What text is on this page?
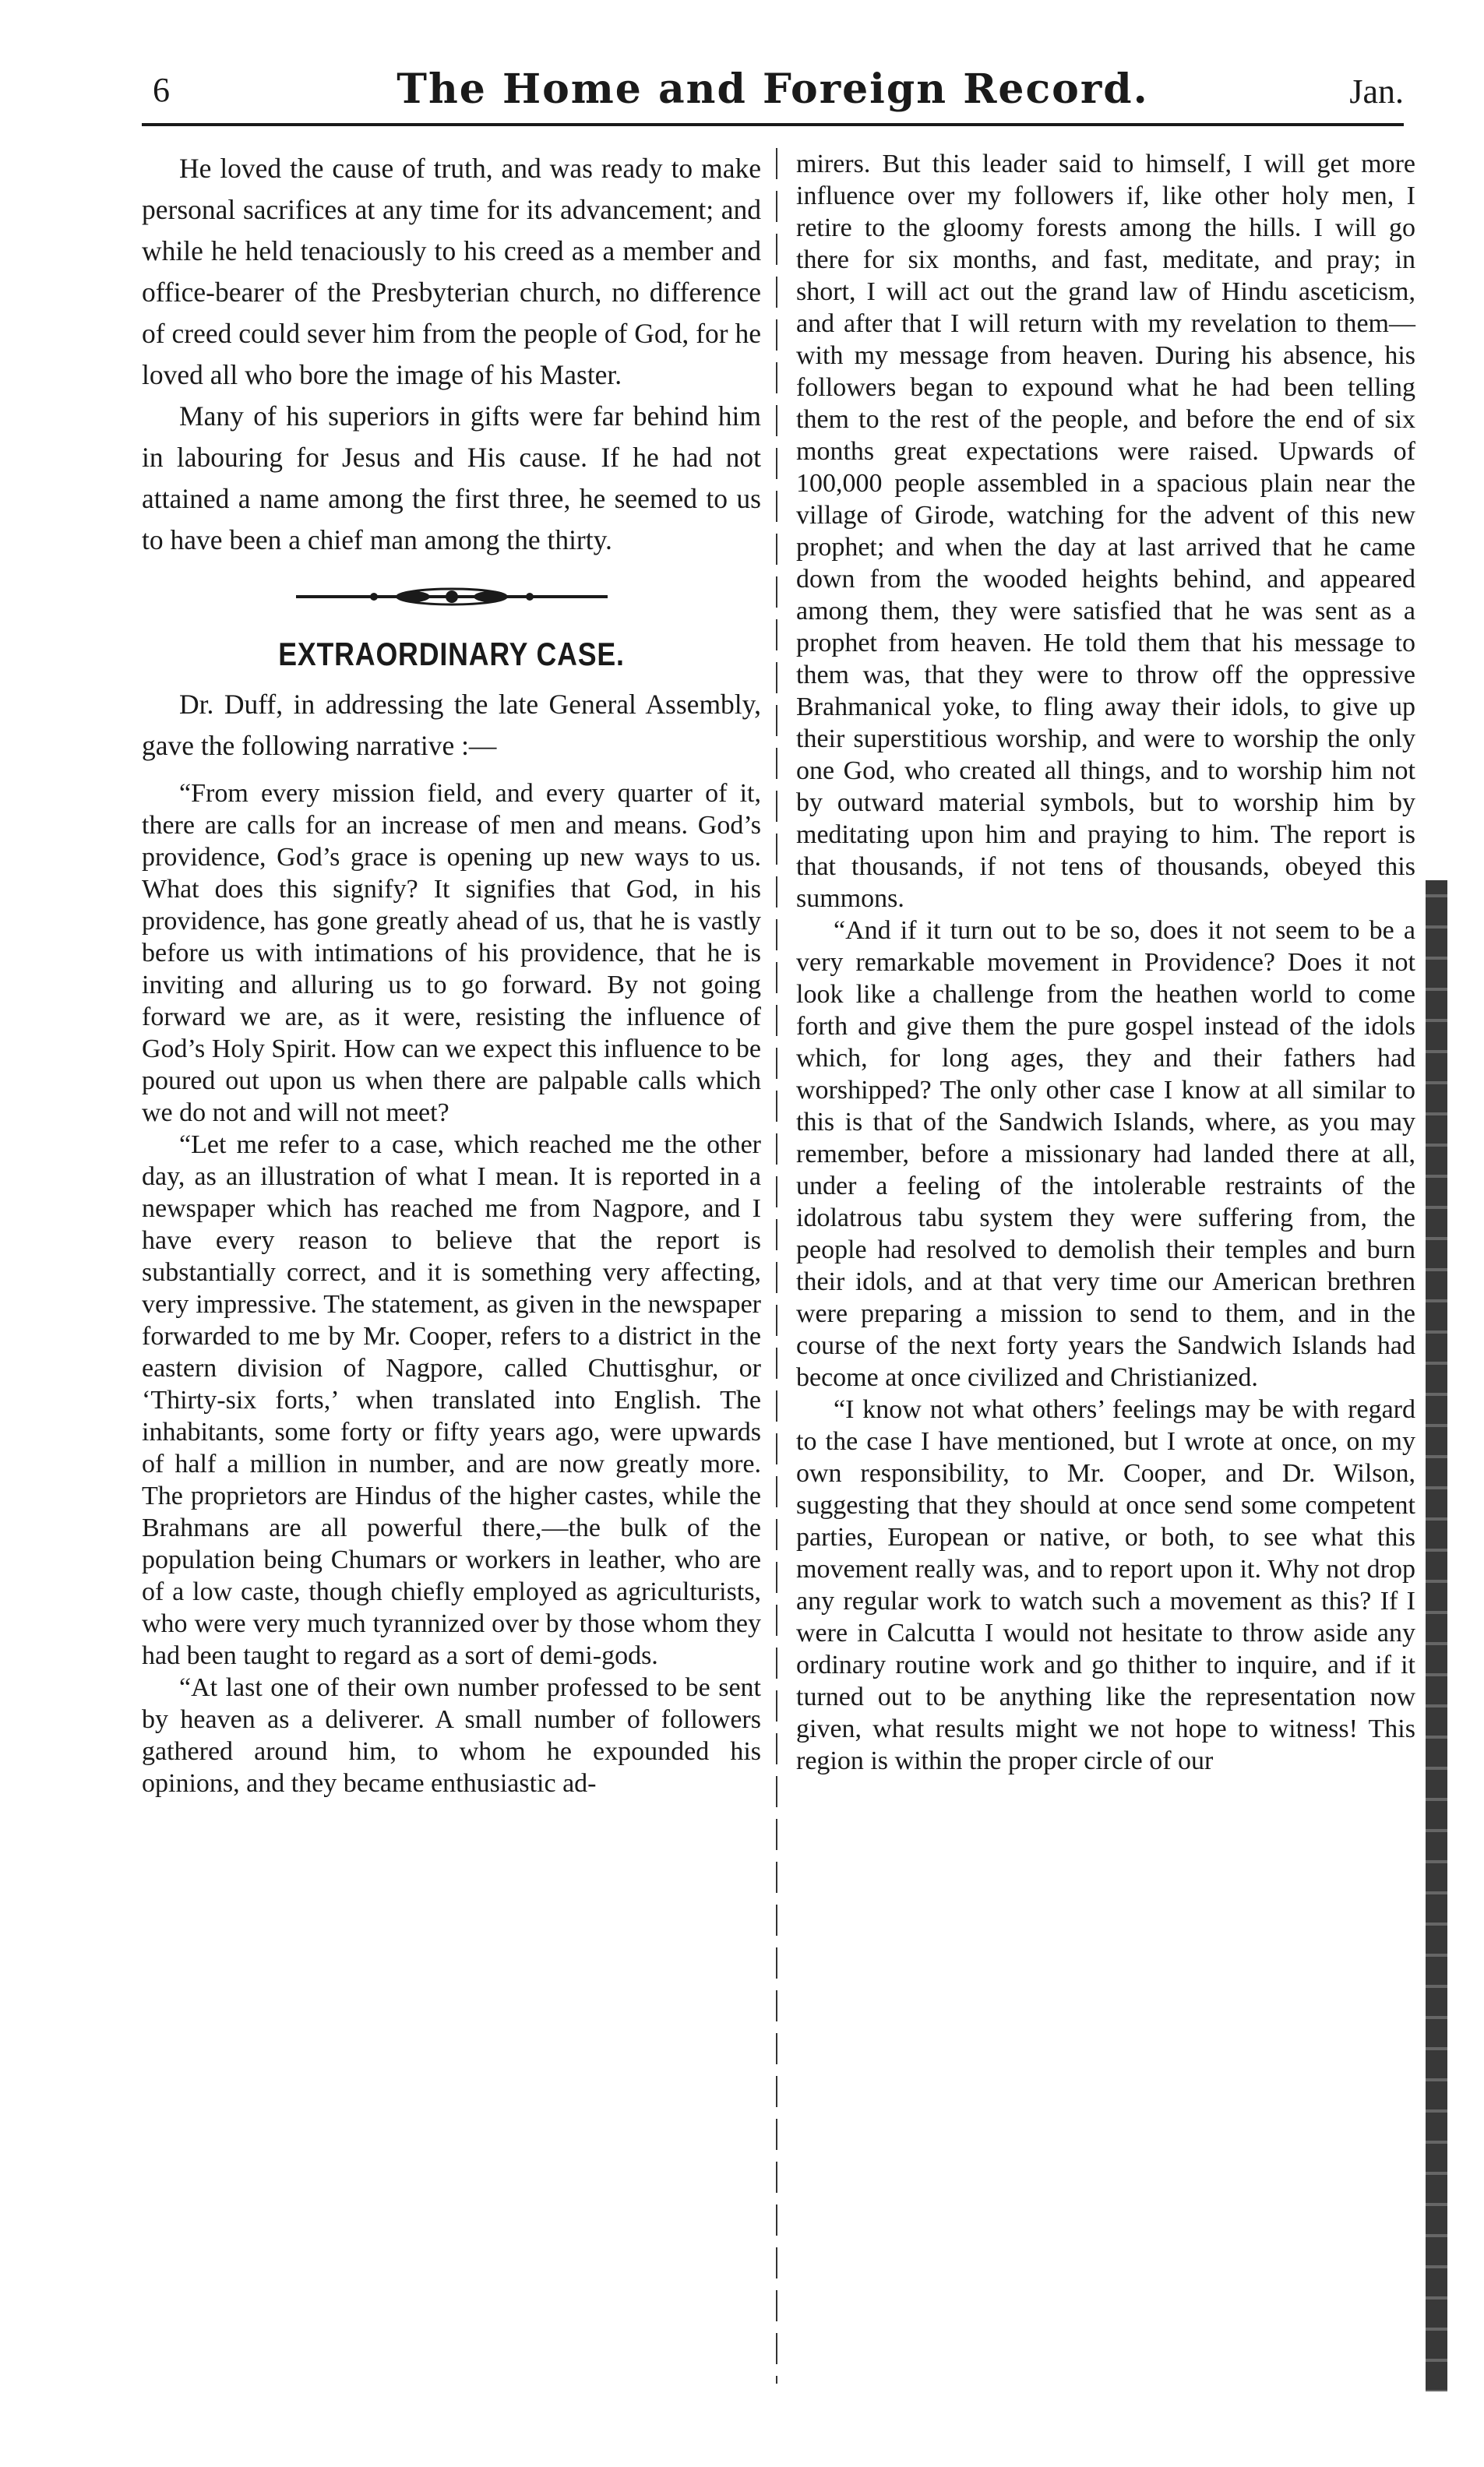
6	The Home and Foreign Record.	Jan.

He loved the cause of truth, and was ready to make personal sacrifices at any time for its advancement; and while he held tenaciously to his creed as a member and office-bearer of the Presbyterian church, no difference of creed could sever him from the people of God, for he loved all who bore the image of his Master.

Many of his superiors in gifts were far behind him in labouring for Jesus and His cause. If he had not attained a name among the first three, he seemed to us to have been a chief man among the thirty.

EXTRAORDINARY CASE.

Dr. Duff, in addressing the late General Assembly, gave the following narrative :—

“From every mission field, and every quarter of it, there are calls for an increase of men and means. God’s providence, God’s grace is opening up new ways to us. What does this signify? It signifies that God, in his providence, has gone greatly ahead of us, that he is vastly before us with intimations of his providence, that he is inviting and alluring us to go forward. By not going forward we are, as it were, resisting the influence of God’s Holy Spirit. How can we expect this influence to be poured out upon us when there are palpable calls which we do not and will not meet?

“Let me refer to a case, which reached me the other day, as an illustration of what I mean. It is reported in a newspaper which has reached me from Nagpore, and I have every reason to believe that the report is substantially correct, and it is something very affecting, very impressive. The statement, as given in the newspaper forwarded to me by Mr. Cooper, refers to a district in the eastern division of Nagpore, called Chuttisghur, or ‘Thirty-six forts,’ when translated into English. The inhabitants, some forty or fifty years ago, were upwards of half a million in number, and are now greatly more. The proprietors are Hindus of the higher castes, while the Brahmans are all powerful there,—the bulk of the population being Chumars or workers in leather, who are of a low caste, though chiefly employed as agriculturists, who were very much tyrannized over by those whom they had been taught to regard as a sort of demi-gods.

“At last one of their own number professed to be sent by heaven as a deliverer. A small number of followers gathered around him, to whom he expounded his opinions, and they became enthusiastic ad-

mirers. But this leader said to himself, I will get more influence over my followers if, like other holy men, I retire to the gloomy forests among the hills. I will go there for six months, and fast, meditate, and pray; in short, I will act out the grand law of Hindu asceticism, and after that I will return with my revelation to them—with my message from heaven. During his absence, his followers began to expound what he had been telling them to the rest of the people, and before the end of six months great expectations were raised. Upwards of 100,000 people assembled in a spacious plain near the village of Girode, watching for the advent of this new prophet; and when the day at last arrived that he came down from the wooded heights behind, and appeared among them, they were satisfied that he was sent as a prophet from heaven. He told them that his message to them was, that they were to throw off the oppressive Brahmanical yoke, to fling away their idols, to give up their superstitious worship, and were to worship the only one God, who created all things, and to worship him not by outward material symbols, but to worship him by meditating upon him and praying to him. The report is that thousands, if not tens of thousands, obeyed this summons.

“And if it turn out to be so, does it not seem to be a very remarkable movement in Providence? Does it not look like a challenge from the heathen world to come forth and give them the pure gospel instead of the idols which, for long ages, they and their fathers had worshipped? The only other case I know at all similar to this is that of the Sandwich Islands, where, as you may remember, before a missionary had landed there at all, under a feeling of the intolerable restraints of the idolatrous tabu system they were suffering from, the people had resolved to demolish their temples and burn their idols, and at that very time our American brethren were preparing a mission to send to them, and in the course of the next forty years the Sandwich Islands had become at once civilized and Christianized.

“I know not what others’ feelings may be with regard to the case I have mentioned, but I wrote at once, on my own responsibility, to Mr. Cooper, and Dr. Wilson, suggesting that they should at once send some competent parties, European or native, or both, to see what this movement really was, and to report upon it. Why not drop any regular work to watch such a movement as this? If I were in Calcutta I would not hesitate to throw aside any ordinary routine work and go thither to inquire, and if it turned out to be anything like the representation now given, what results might we not hope to witness! This region is within the proper circle of our
